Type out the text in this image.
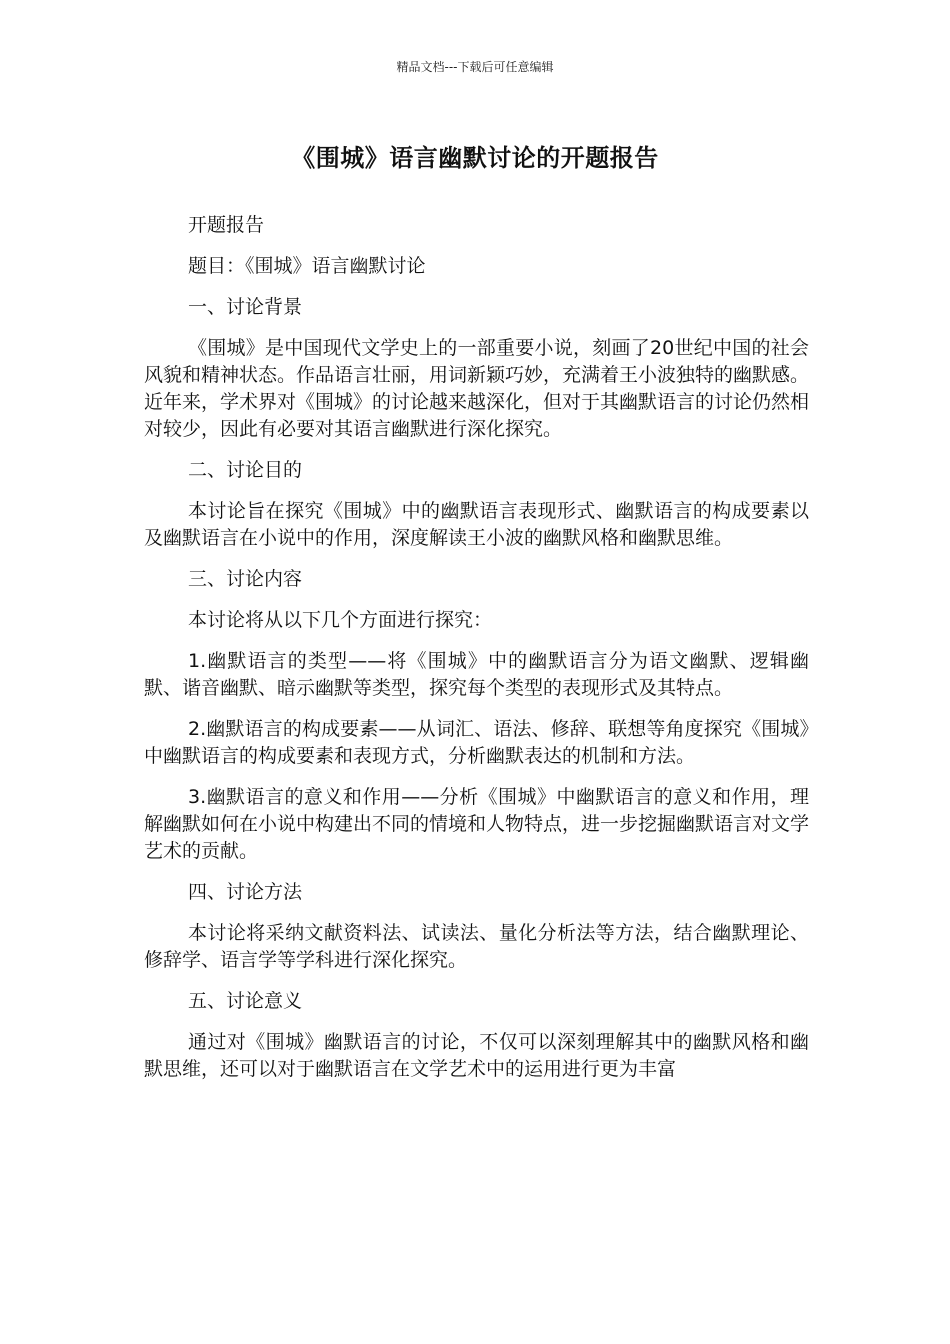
精品文档---下载后可任意编辑
《围城》语言幽默讨论的开题报告

开题报告

题目：《围城》语言幽默讨论

一、讨论背景

《围城》是中国现代文学史上的一部重要小说，刻画了20世纪中国的社会风貌和精神状态。作品语言壮丽，用词新颖巧妙，充满着王小波独特的幽默感。近年来，学术界对《围城》的讨论越来越深化，但对于其幽默语言的讨论仍然相对较少，因此有必要对其语言幽默进行深化探究。

二、讨论目的

本讨论旨在探究《围城》中的幽默语言表现形式、幽默语言的构成要素以及幽默语言在小说中的作用，深度解读王小波的幽默风格和幽默思维。

三、讨论内容

本讨论将从以下几个方面进行探究：

1.幽默语言的类型——将《围城》中的幽默语言分为语文幽默、逻辑幽默、谐音幽默、暗示幽默等类型，探究每个类型的表现形式及其特点。

2.幽默语言的构成要素——从词汇、语法、修辞、联想等角度探究《围城》中幽默语言的构成要素和表现方式，分析幽默表达的机制和方法。

3.幽默语言的意义和作用——分析《围城》中幽默语言的意义和作用，理解幽默如何在小说中构建出不同的情境和人物特点，进一步挖掘幽默语言对文学艺术的贡献。

四、讨论方法

本讨论将采纳文献资料法、试读法、量化分析法等方法，结合幽默理论、修辞学、语言学等学科进行深化探究。

五、讨论意义

通过对《围城》幽默语言的讨论，不仅可以深刻理解其中的幽默风格和幽默思维，还可以对于幽默语言在文学艺术中的运用进行更为丰富
